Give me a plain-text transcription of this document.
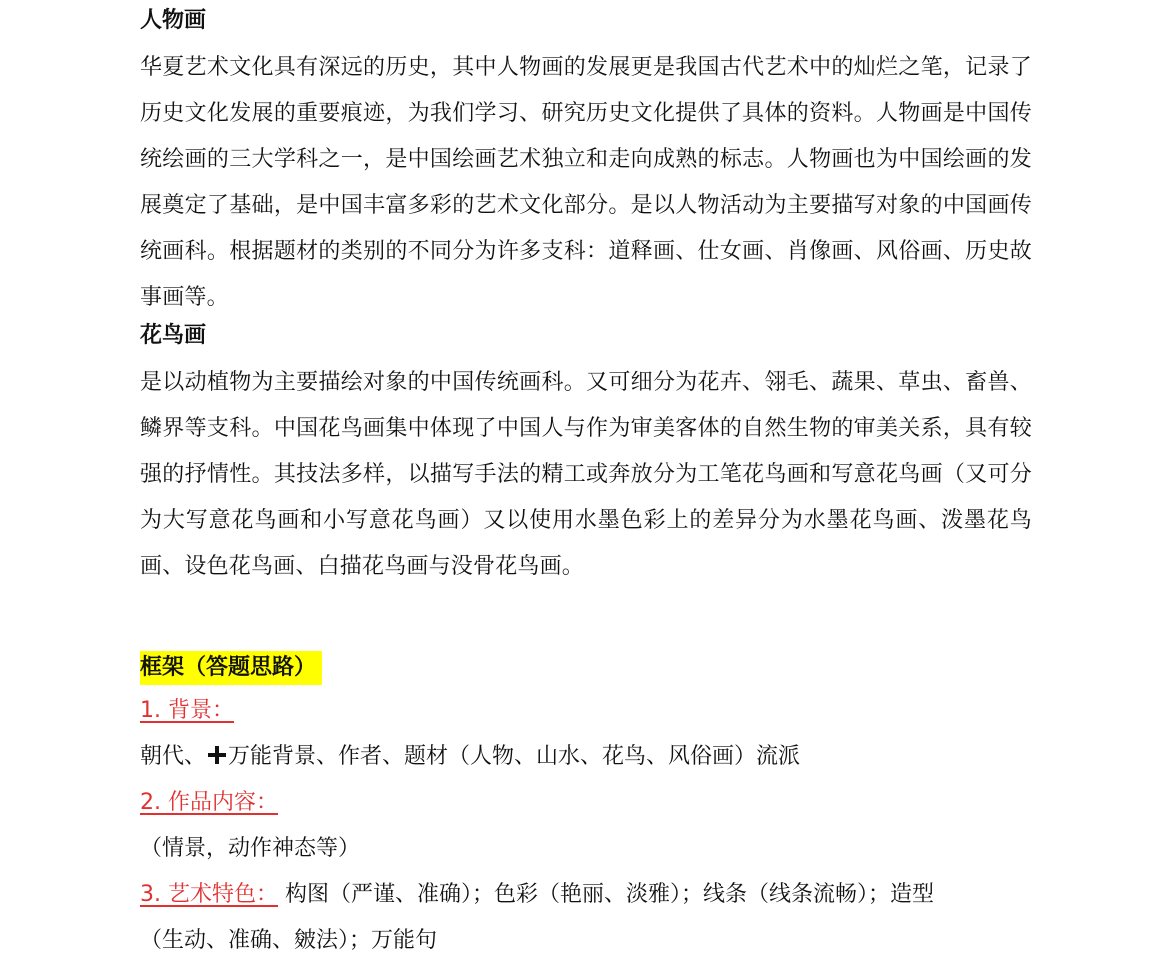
人物画

华夏艺术文化具有深远的历史，其中人物画的发展更是我国古代艺术中的灿烂之笔，记录了历史文化发展的重要痕迹，为我们学习、研究历史文化提供了具体的资料。人物画是中国传统绘画的三大学科之一，是中国绘画艺术独立和走向成熟的标志。人物画也为中国绘画的发展奠定了基础，是中国丰富多彩的艺术文化部分。是以人物活动为主要描写对象的中国画传统画科。根据题材的类别的不同分为许多支科：道释画、仕女画、肖像画、风俗画、历史故事画等。

花鸟画

是以动植物为主要描绘对象的中国传统画科。又可细分为花卉、翎毛、蔬果、草虫、畜兽、鳞界等支科。中国花鸟画集中体现了中国人与作为审美客体的自然生物的审美关系，具有较强的抒情性。其技法多样，以描写手法的精工或奔放分为工笔花鸟画和写意花鸟画（又可分为大写意花鸟画和小写意花鸟画）又以使用水墨色彩上的差异分为水墨花鸟画、泼墨花鸟画、设色花鸟画、白描花鸟画与没骨花鸟画。

框架（答题思路）
1. 背景：
朝代、 万能背景、作者、题材（人物、山水、花鸟、风俗画）流派
2. 作品内容：
（情景，动作神态等）
3. 艺术特色： 构图（严谨、准确）；色彩（艳丽、淡雅）；线条（线条流畅）；造型
（生动、准确、皴法）；万能句
